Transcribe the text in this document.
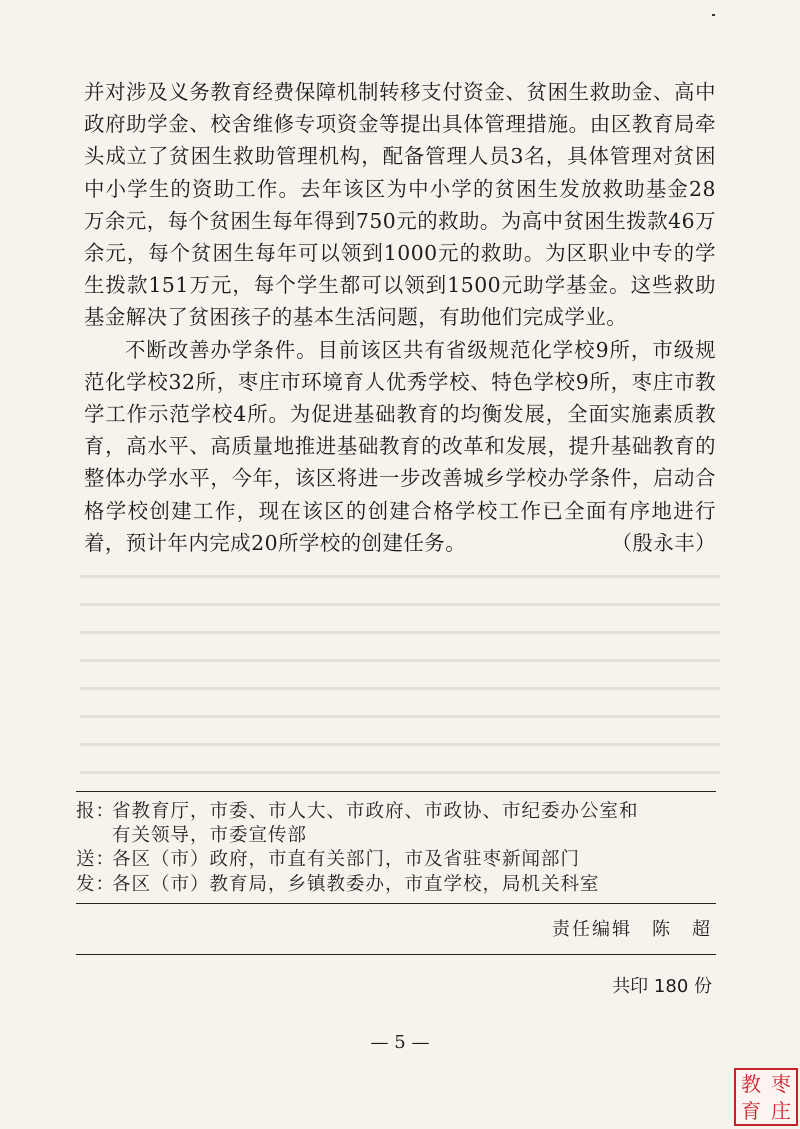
并对涉及义务教育经费保障机制转移支付资金、贫困生救助金、高中政府助学金、校舍维修专项资金等提出具体管理措施。由区教育局牵头成立了贫困生救助管理机构，配备管理人员3名，具体管理对贫困中小学生的资助工作。去年该区为中小学的贫困生发放救助基金28万余元，每个贫困生每年得到750元的救助。为高中贫困生拨款46万余元，每个贫困生每年可以领到1000元的救助。为区职业中专的学生拨款151万元，每个学生都可以领到1500元助学基金。这些救助基金解决了贫困孩子的基本生活问题，有助他们完成学业。

不断改善办学条件。目前该区共有省级规范化学校9所，市级规范化学校32所，枣庄市环境育人优秀学校、特色学校9所，枣庄市教学工作示范学校4所。为促进基础教育的均衡发展，全面实施素质教育，高水平、高质量地推进基础教育的改革和发展，提升基础教育的整体办学水平，今年，该区将进一步改善城乡学校办学条件，启动合格学校创建工作，现在该区的创建合格学校工作已全面有序地进行着，预计年内完成20所学校的创建任务。	（殷永丰）

报：
省教育厅，市委、市人大、市政府、市政协、市纪委办公室和
有关领导，市委宣传部
送：
各区（市）政府，市直有关部门，市及省驻枣新闻部门
发：
各区（市）教育局，乡镇教委办，市直学校，局机关科室
责任编辑　陈　超
共印 180 份
— 5 —
教 枣
育 庄
